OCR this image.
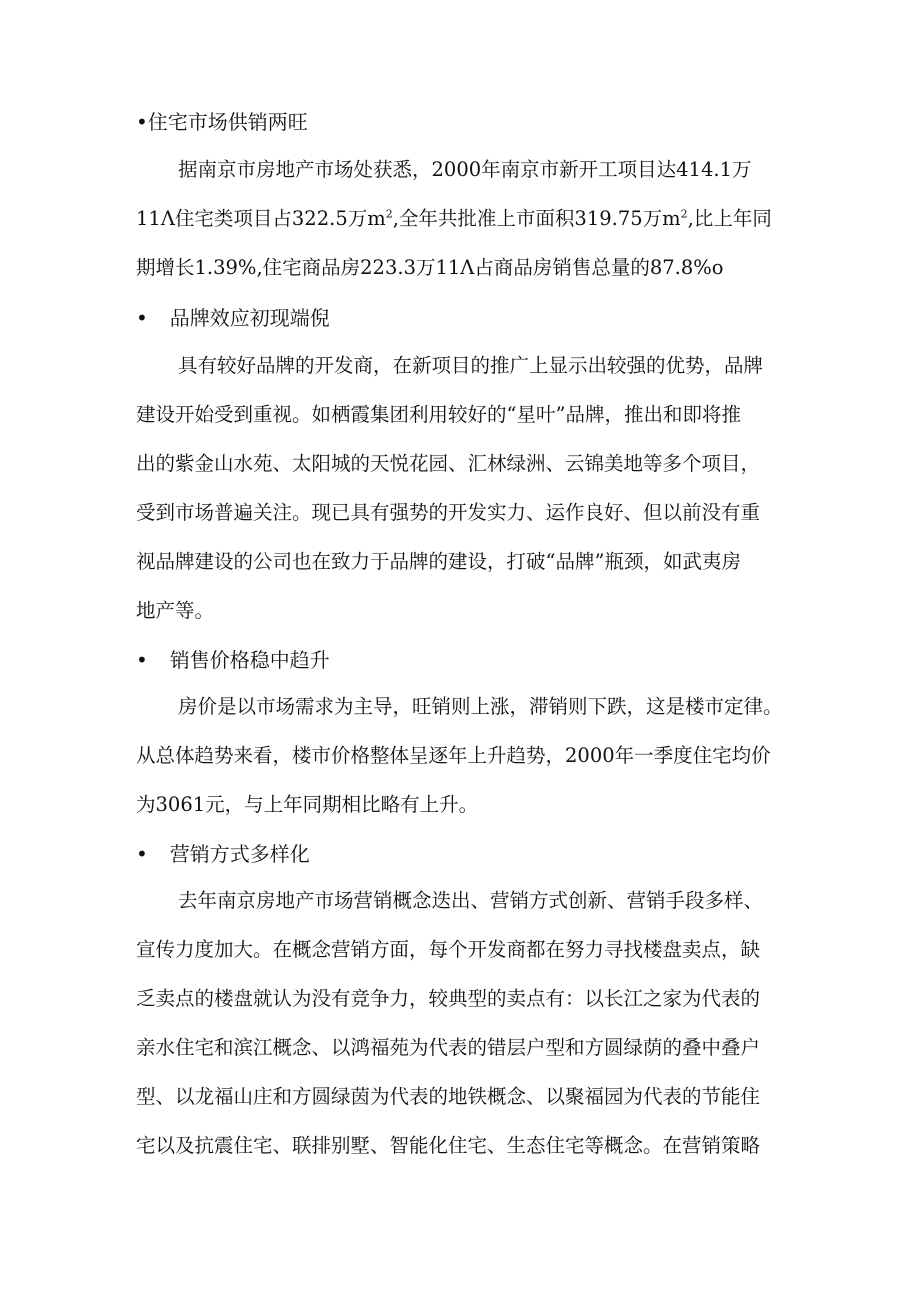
•住宅市场供销两旺
据南京市房地产市场处获悉，2000年南京市新开工项目达414.1万
11Λ住宅类项目占322.5万$m^2$,全年共批准上市面积319.75万$m^2$,比上年同
期增长1.39%,住宅商品房223.3万11Λ占商品房销售总量的87.8%o
• 品牌效应初现端倪
具有较好品牌的开发商，在新项目的推广上显示出较强的优势，品牌
建设开始受到重视。如栖霞集团利用较好的“星叶”品牌，推出和即将推
出的紫金山水苑、太阳城的天悦花园、汇林绿洲、云锦美地等多个项目，
受到市场普遍关注。现已具有强势的开发实力、运作良好、但以前没有重
视品牌建设的公司也在致力于品牌的建设，打破“品牌”瓶颈，如武夷房
地产等。
• 销售价格稳中趋升
房价是以市场需求为主导，旺销则上涨，滞销则下跌，这是楼市定律。
从总体趋势来看，楼市价格整体呈逐年上升趋势，2000年一季度住宅均价
为3061元，与上年同期相比略有上升。
• 营销方式多样化
去年南京房地产市场营销概念迭出、营销方式创新、营销手段多样、
宣传力度加大。在概念营销方面，每个开发商都在努力寻找楼盘卖点，缺
乏卖点的楼盘就认为没有竞争力，较典型的卖点有：以长江之家为代表的
亲水住宅和滨江概念、以鸿福苑为代表的错层户型和方圆绿荫的叠中叠户
型、以龙福山庄和方圆绿茵为代表的地铁概念、以聚福园为代表的节能住
宅以及抗震住宅、联排别墅、智能化住宅、生态住宅等概念。在营销策略
